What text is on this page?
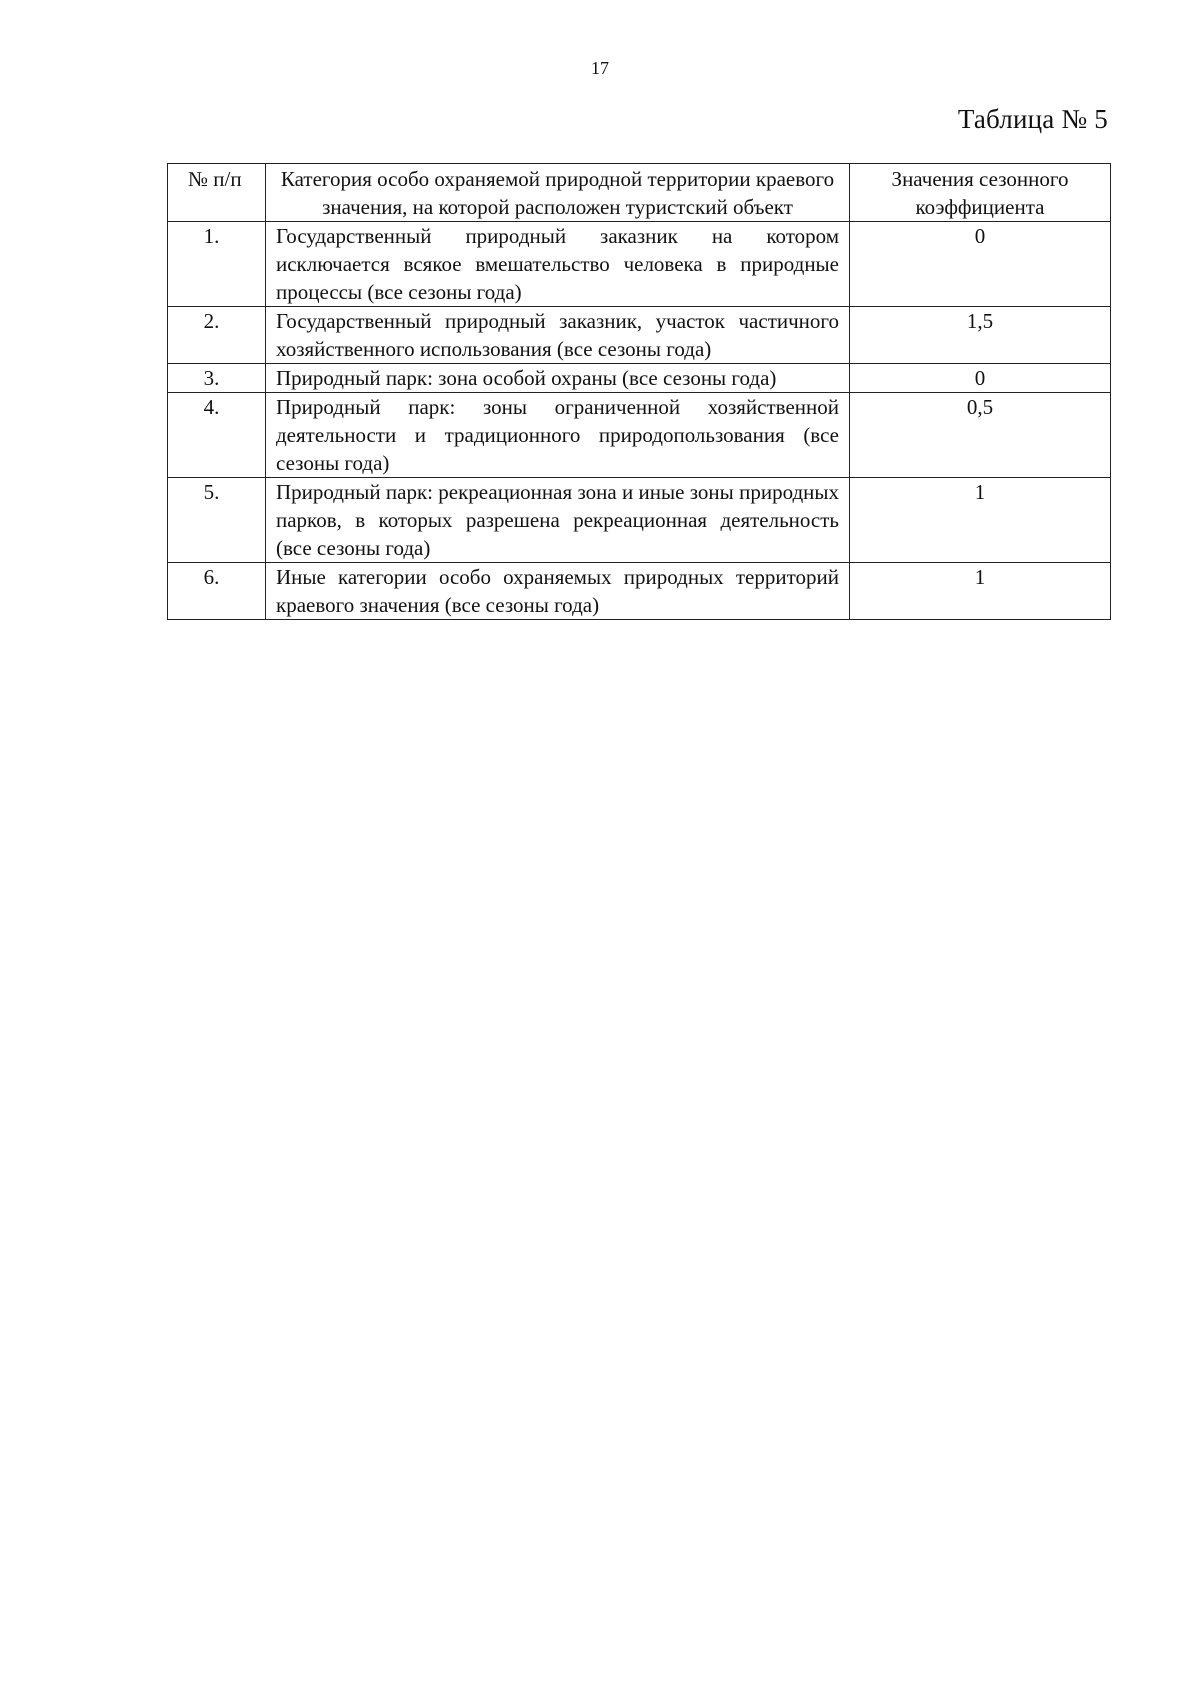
17
Таблица № 5
№ п/п	Категория особо охраняемой природной территории краевого значения, на которой расположен туристский объект	Значения сезонного коэффициента
1.	Государственный природный заказник на котором исключается всякое вмешательство человека в природные процессы (все сезоны года)	0
2.	Государственный природный заказник, участок частичного хозяйственного использования (все сезоны года)	1,5
3.	Природный парк: зона особой охраны (все сезоны года)	0
4.	Природный парк: зоны ограниченной хозяйственной деятельности и традиционного природопользования (все сезоны года)	0,5
5.	Природный парк: рекреационная зона и иные зоны природных парков, в которых разрешена рекреационная деятельность (все сезоны года)	1
6.	Иные категории особо охраняемых природных территорий краевого значения (все сезоны года)	1
